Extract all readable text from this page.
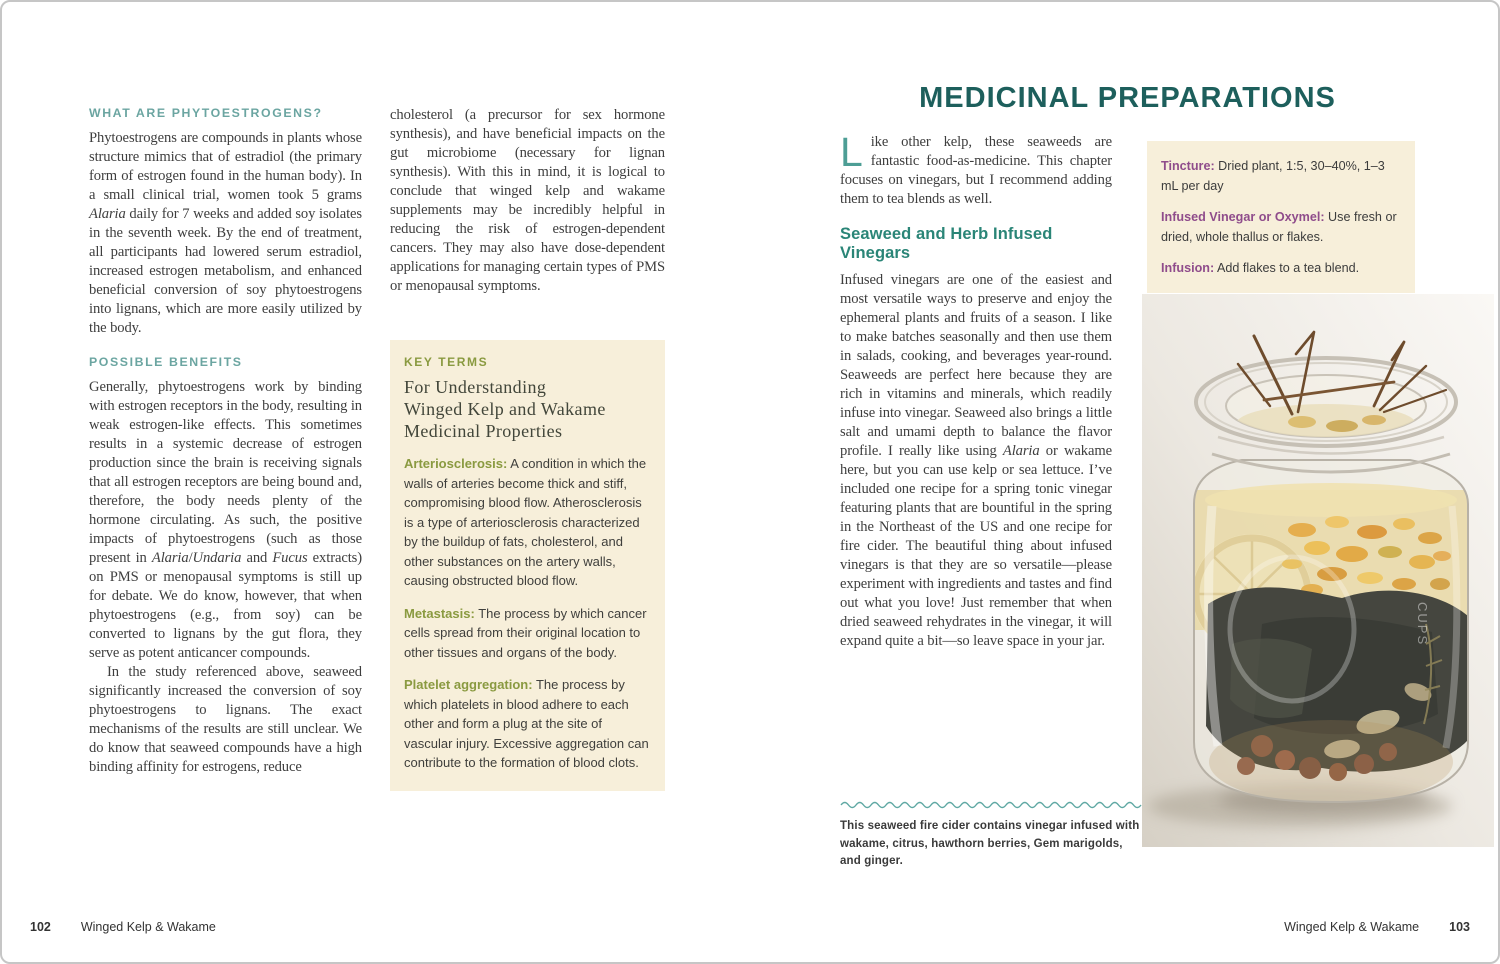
WHAT ARE PHYTOESTROGENS?

Phytoestrogens are compounds in plants whose structure mimics that of estradiol (the primary form of estrogen found in the human body). In a small clinical trial, women took 5 grams Alaria daily for 7 weeks and added soy isolates in the seventh week. By the end of treatment, all participants had lowered serum estradiol, increased estrogen metabolism, and enhanced beneficial conversion of soy phytoestrogens into lignans, which are more easily utilized by the body.

POSSIBLE BENEFITS

Generally, phytoestrogens work by binding with estrogen receptors in the body, resulting in weak estrogen-like effects. This sometimes results in a systemic decrease of estrogen production since the brain is receiving signals that all estrogen receptors are being bound and, therefore, the body needs plenty of the hormone circulating. As such, the positive impacts of phytoestrogens (such as those present in Alaria/Undaria and Fucus extracts) on PMS or menopausal symptoms is still up for debate. We do know, however, that when phytoestrogens (e.g., from soy) can be converted to lignans by the gut flora, they serve as potent anticancer compounds.

In the study referenced above, seaweed significantly increased the conversion of soy phytoestrogens to lignans. The exact mechanisms of the results are still unclear. We do know that seaweed compounds have a high binding affinity for estrogens, reduce

cholesterol (a precursor for sex hormone synthesis), and have beneficial impacts on the gut microbiome (necessary for lignan synthesis). With this in mind, it is logical to conclude that winged kelp and wakame supplements may be incredibly helpful in reducing the risk of estrogen-dependent cancers. They may also have dose-dependent applications for managing certain types of PMS or menopausal symptoms.

KEY TERMS
For Understanding
Winged Kelp and Wakame
Medicinal Properties

Arteriosclerosis: A condition in which the walls of arteries become thick and stiff, compromising blood flow. Atherosclerosis is a type of arteriosclerosis characterized by the buildup of fats, cholesterol, and other substances on the artery walls, causing obstructed blood flow.

Metastasis: The process by which cancer cells spread from their original location to other tissues and organs of the body.

Platelet aggregation: The process by which platelets in blood adhere to each other and form a plug at the site of vascular injury. Excessive aggregation can contribute to the formation of blood clots.

102 Winged Kelp & Wakame
MEDICINAL PREPARATIONS

Like other kelp, these seaweeds are fantastic food-as-medicine. This chapter focuses on vinegars, but I recommend adding them to tea blends as well.

Seaweed and Herb Infused Vinegars

Infused vinegars are one of the easiest and most versatile ways to preserve and enjoy the ephemeral plants and fruits of a season. I like to make batches seasonally and then use them in salads, cooking, and beverages year-round. Seaweeds are perfect here because they are rich in vitamins and minerals, which readily infuse into vinegar. Seaweed also brings a little salt and umami depth to balance the flavor profile. I really like using Alaria or wakame here, but you can use kelp or sea lettuce. I’ve included one recipe for a spring tonic vinegar featuring plants that are bountiful in the spring in the Northeast of the US and one recipe for fire cider. The beautiful thing about infused vinegars is that they are so versatile—please experiment with ingredients and tastes and find out what you love! Just remember that when dried seaweed rehydrates in the vinegar, it will expand quite a bit—so leave space in your jar.

Tincture: Dried plant, 1:5, 30–40%, 1–3 mL per day

Infused Vinegar or Oxymel: Use fresh or dried, whole thallus or flakes.

Infusion: Add flakes to a tea blend.

CUPS

This seaweed fire cider contains vinegar infused with wakame, citrus, hawthorn berries, Gem marigolds, and ginger.

Winged Kelp & Wakame 103
